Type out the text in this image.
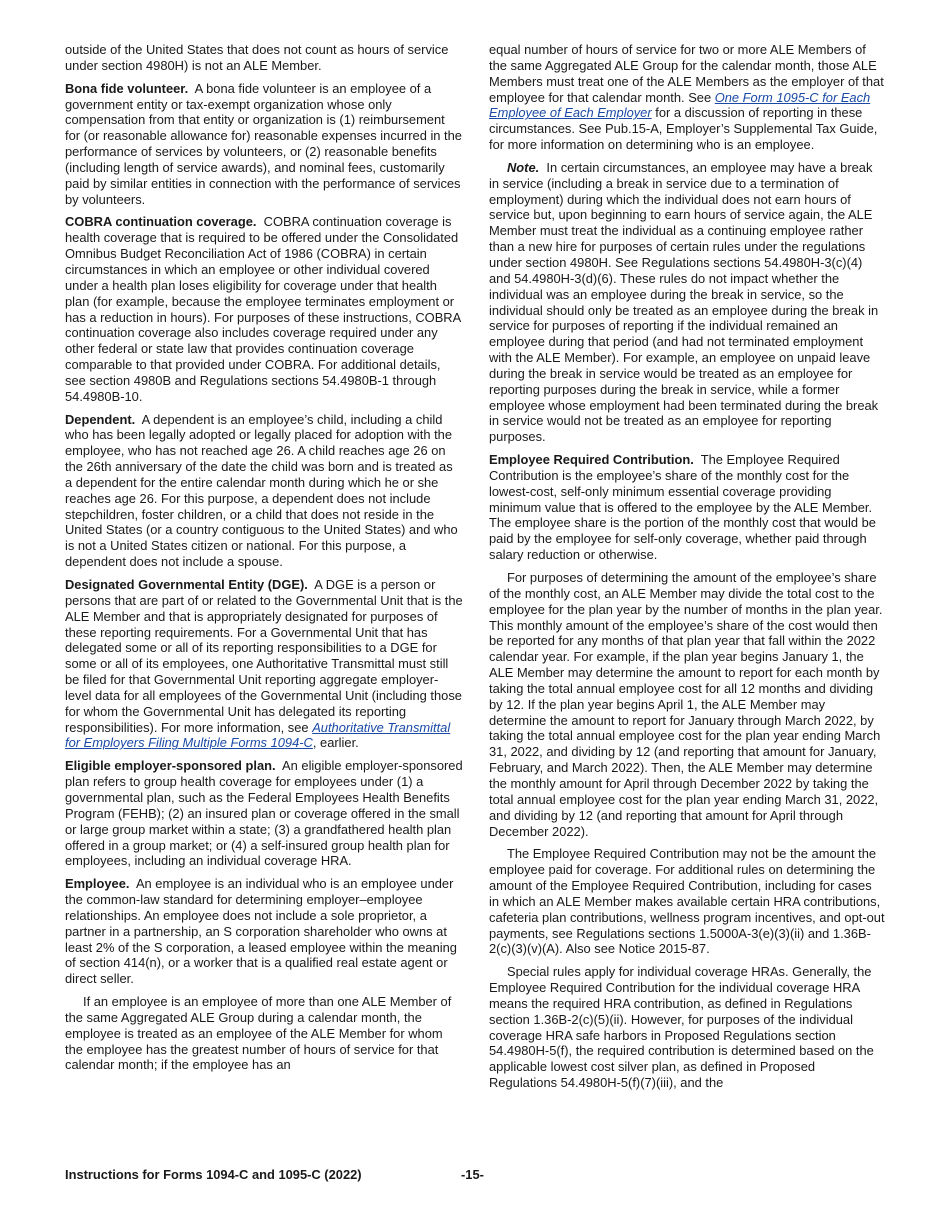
outside of the United States that does not count as hours of service under section 4980H) is not an ALE Member.

Bona fide volunteer. A bona fide volunteer is an employee of a government entity or tax-exempt organization whose only compensation from that entity or organization is (1) reimbursement for (or reasonable allowance for) reasonable expenses incurred in the performance of services by volunteers, or (2) reasonable benefits (including length of service awards), and nominal fees, customarily paid by similar entities in connection with the performance of services by volunteers.

COBRA continuation coverage. COBRA continuation coverage is health coverage that is required to be offered under the Consolidated Omnibus Budget Reconciliation Act of 1986 (COBRA) in certain circumstances in which an employee or other individual covered under a health plan loses eligibility for coverage under that health plan (for example, because the employee terminates employment or has a reduction in hours). For purposes of these instructions, COBRA continuation coverage also includes coverage required under any other federal or state law that provides continuation coverage comparable to that provided under COBRA. For additional details, see section 4980B and Regulations sections 54.4980B-1 through 54.4980B-10.

Dependent. A dependent is an employee’s child, including a child who has been legally adopted or legally placed for adoption with the employee, who has not reached age 26. A child reaches age 26 on the 26th anniversary of the date the child was born and is treated as a dependent for the entire calendar month during which he or she reaches age 26. For this purpose, a dependent does not include stepchildren, foster children, or a child that does not reside in the United States (or a country contiguous to the United States) and who is not a United States citizen or national. For this purpose, a dependent does not include a spouse.

Designated Governmental Entity (DGE). A DGE is a person or persons that are part of or related to the Governmental Unit that is the ALE Member and that is appropriately designated for purposes of these reporting requirements. For a Governmental Unit that has delegated some or all of its reporting responsibilities to a DGE for some or all of its employees, one Authoritative Transmittal must still be filed for that Governmental Unit reporting aggregate employer-level data for all employees of the Governmental Unit (including those for whom the Governmental Unit has delegated its reporting responsibilities). For more information, see Authoritative Transmittal for Employers Filing Multiple Forms 1094-C, earlier.

Eligible employer-sponsored plan. An eligible employer-sponsored plan refers to group health coverage for employees under (1) a governmental plan, such as the Federal Employees Health Benefits Program (FEHB); (2) an insured plan or coverage offered in the small or large group market within a state; (3) a grandfathered health plan offered in a group market; or (4) a self-insured group health plan for employees, including an individual coverage HRA.

Employee. An employee is an individual who is an employee under the common-law standard for determining employer–employee relationships. An employee does not include a sole proprietor, a partner in a partnership, an S corporation shareholder who owns at least 2% of the S corporation, a leased employee within the meaning of section 414(n), or a worker that is a qualified real estate agent or direct seller.

If an employee is an employee of more than one ALE Member of the same Aggregated ALE Group during a calendar month, the employee is treated as an employee of the ALE Member for whom the employee has the greatest number of hours of service for that calendar month; if the employee has an

equal number of hours of service for two or more ALE Members of the same Aggregated ALE Group for the calendar month, those ALE Members must treat one of the ALE Members as the employer of that employee for that calendar month. See One Form 1095-C for Each Employee of Each Employer for a discussion of reporting in these circumstances. See Pub.15-A, Employer’s Supplemental Tax Guide, for more information on determining who is an employee.

Note. In certain circumstances, an employee may have a break in service (including a break in service due to a termination of employment) during which the individual does not earn hours of service but, upon beginning to earn hours of service again, the ALE Member must treat the individual as a continuing employee rather than a new hire for purposes of certain rules under the regulations under section 4980H. See Regulations sections 54.4980H-3(c)(4) and 54.4980H-3(d)(6). These rules do not impact whether the individual was an employee during the break in service, so the individual should only be treated as an employee during the break in service for purposes of reporting if the individual remained an employee during that period (and had not terminated employment with the ALE Member). For example, an employee on unpaid leave during the break in service would be treated as an employee for reporting purposes during the break in service, while a former employee whose employment had been terminated during the break in service would not be treated as an employee for reporting purposes.

Employee Required Contribution. The Employee Required Contribution is the employee’s share of the monthly cost for the lowest-cost, self-only minimum essential coverage providing minimum value that is offered to the employee by the ALE Member. The employee share is the portion of the monthly cost that would be paid by the employee for self-only coverage, whether paid through salary reduction or otherwise.

For purposes of determining the amount of the employee’s share of the monthly cost, an ALE Member may divide the total cost to the employee for the plan year by the number of months in the plan year. This monthly amount of the employee’s share of the cost would then be reported for any months of that plan year that fall within the 2022 calendar year. For example, if the plan year begins January 1, the ALE Member may determine the amount to report for each month by taking the total annual employee cost for all 12 months and dividing by 12. If the plan year begins April 1, the ALE Member may determine the amount to report for January through March 2022, by taking the total annual employee cost for the plan year ending March 31, 2022, and dividing by 12 (and reporting that amount for January, February, and March 2022). Then, the ALE Member may determine the monthly amount for April through December 2022 by taking the total annual employee cost for the plan year ending March 31, 2022, and dividing by 12 (and reporting that amount for April through December 2022).

The Employee Required Contribution may not be the amount the employee paid for coverage. For additional rules on determining the amount of the Employee Required Contribution, including for cases in which an ALE Member makes available certain HRA contributions, cafeteria plan contributions, wellness program incentives, and opt-out payments, see Regulations sections 1.5000A-3(e)(3)(ii) and 1.36B-2(c)(3)(v)(A). Also see Notice 2015-87.

Special rules apply for individual coverage HRAs. Generally, the Employee Required Contribution for the individual coverage HRA means the required HRA contribution, as defined in Regulations section 1.36B-2(c)(5)(ii). However, for purposes of the individual coverage HRA safe harbors in Proposed Regulations section 54.4980H-5(f), the required contribution is determined based on the applicable lowest cost silver plan, as defined in Proposed Regulations 54.4980H-5(f)(7)(iii), and the

Instructions for Forms 1094-C and 1095-C (2022)	-15-
